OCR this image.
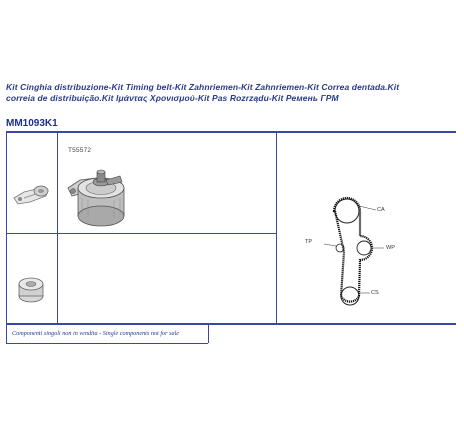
Kit Cinghia distribuzione-Kit Timing belt-Kit Zahnriemen-Kit Zahnriemen-Kit Correa dentada.Kit
correia de distribuição.Kit Ιμάντας Χρονισμού-Kit Pas Rozrządu-Kit Ремень ГРМ
MM1093K1
T55572
CA
TP
WP
CS
Componenti singoli non in vendita - Single components not for sale
